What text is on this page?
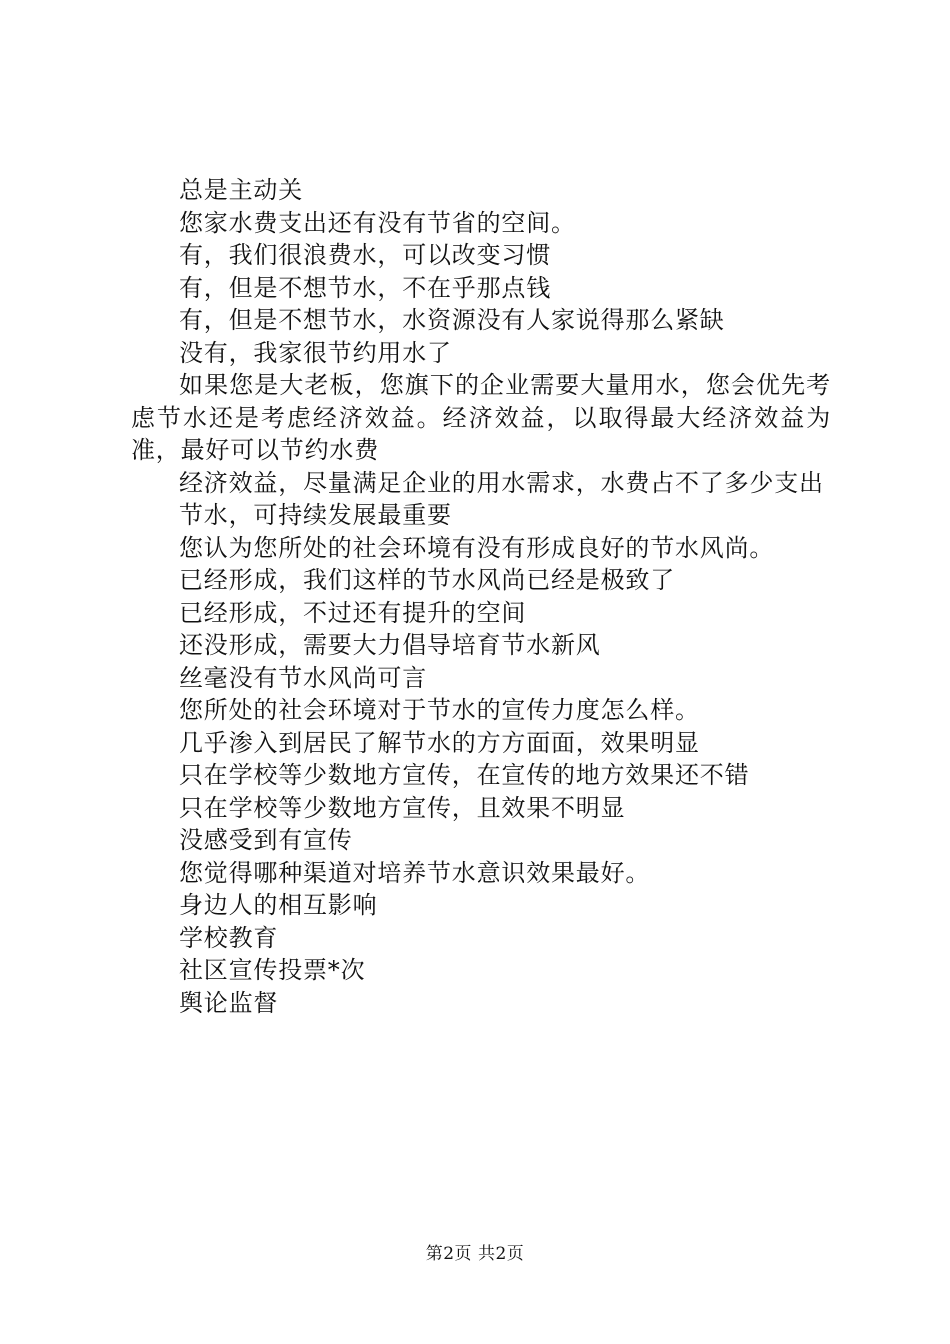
总是主动关

您家水费支出还有没有节省的空间。

有，我们很浪费水，可以改变习惯

有，但是不想节水，不在乎那点钱

有，但是不想节水，水资源没有人家说得那么紧缺

没有，我家很节约用水了

如果您是大老板，您旗下的企业需要大量用水，您会优先考虑节水还是考虑经济效益。经济效益，以取得最大经济效益为准，最好可以节约水费

经济效益，尽量满足企业的用水需求，水费占不了多少支出

节水，可持续发展最重要

您认为您所处的社会环境有没有形成良好的节水风尚。

已经形成，我们这样的节水风尚已经是极致了

已经形成，不过还有提升的空间

还没形成，需要大力倡导培育节水新风

丝毫没有节水风尚可言

您所处的社会环境对于节水的宣传力度怎么样。

几乎渗入到居民了解节水的方方面面，效果明显

只在学校等少数地方宣传，在宣传的地方效果还不错

只在学校等少数地方宣传，且效果不明显

没感受到有宣传

您觉得哪种渠道对培养节水意识效果最好。

身边人的相互影响

学校教育

社区宣传投票*次

舆论监督

第2页 共2页
